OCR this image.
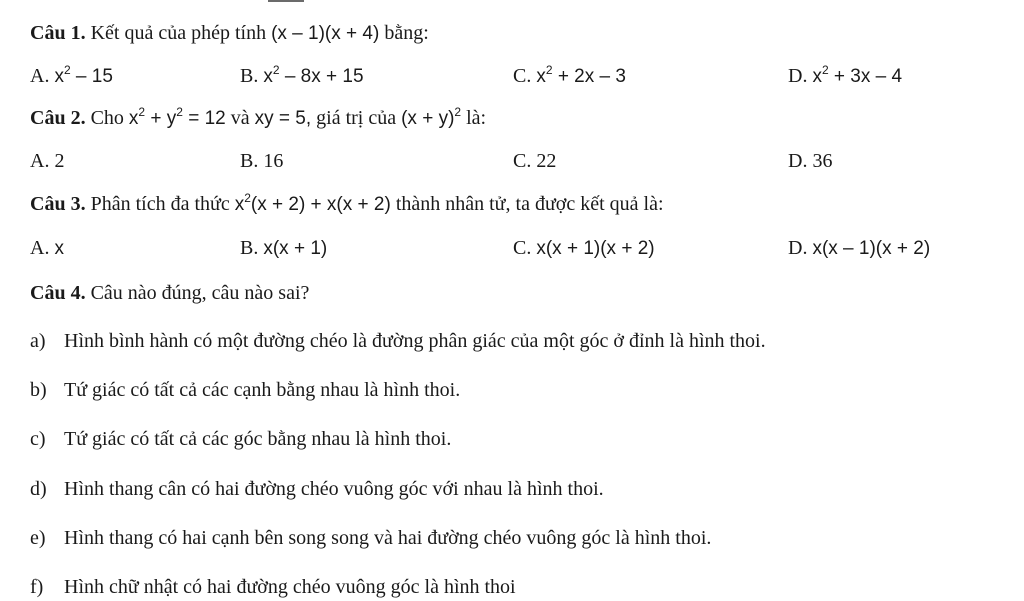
Câu 1. Kết quả của phép tính (x – 1)(x + 4) bằng:
A. $x^2 - 15$	B. $x^2 - 8x + 15$	C. $x^2 + 2x - 3$	D. $x^2 + 3x - 4$
Câu 2. Cho $x^2 + y^2 = 12$ và xy = 5, giá trị của $(x + y)^2$ là:
A. 2	B. 16	C. 22	D. 36
Câu 3. Phân tích đa thức $x^2(x + 2) + x(x + 2)$ thành nhân tử, ta được kết quả là:
A. x	B. x(x + 1)	C. x(x + 1)(x + 2)	D. x(x – 1)(x + 2)
Câu 4. Câu nào đúng, câu nào sai?
a) Hình bình hành có một đường chéo là đường phân giác của một góc ở đỉnh là hình thoi.
b) Tứ giác có tất cả các cạnh bằng nhau là hình thoi.
c) Tứ giác có tất cả các góc bằng nhau là hình thoi.
d) Hình thang cân có hai đường chéo vuông góc với nhau là hình thoi.
e) Hình thang có hai cạnh bên song song và hai đường chéo vuông góc là hình thoi.
f) Hình chữ nhật có hai đường chéo vuông góc là hình thoi
